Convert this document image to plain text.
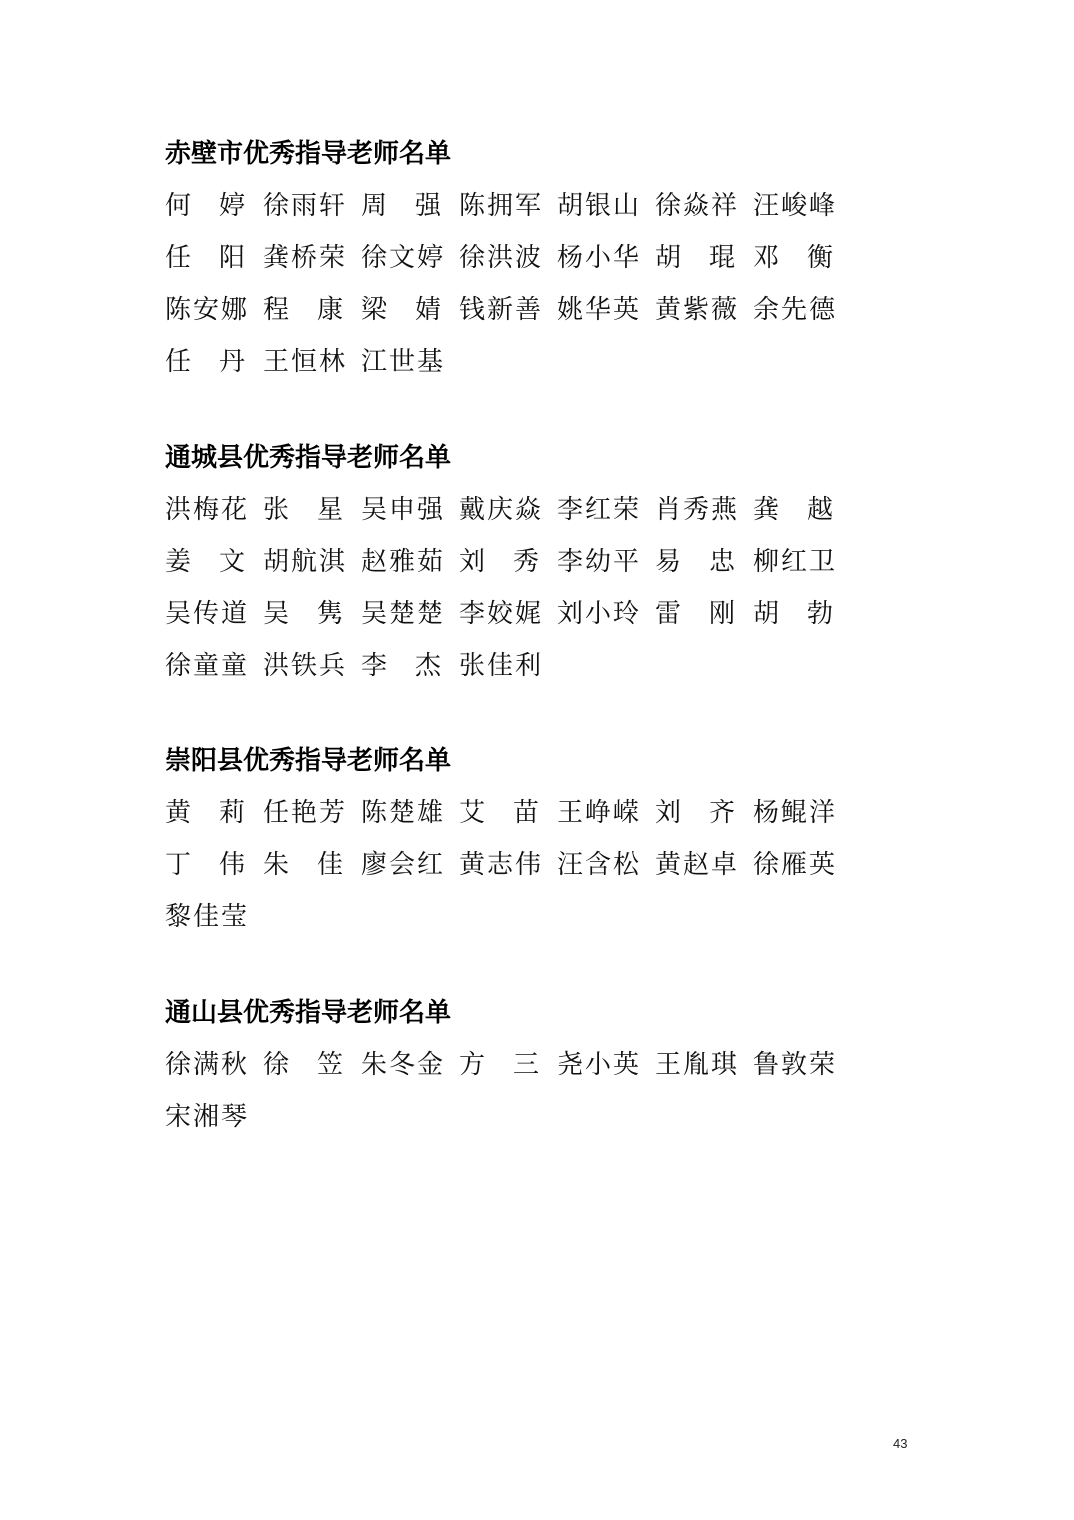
赤壁市优秀指导老师名单
何 婷 徐雨轩 周 强 陈拥军 胡银山 徐焱祥 汪峻峰
任 阳 龚桥荣 徐文婷 徐洪波 杨小华 胡 琨 邓 衡
陈安娜 程 康 梁 婧 钱新善 姚华英 黄紫薇 余先德
任 丹 王恒林 江世基
通城县优秀指导老师名单
洪梅花 张 星 吴申强 戴庆焱 李红荣 肖秀燕 龚 越
姜 文 胡航淇 赵雅茹 刘 秀 李幼平 易 忠 柳红卫
吴传道 吴 隽 吴楚楚 李姣娓 刘小玲 雷 刚 胡 勃
徐童童 洪铁兵 李 杰 张佳利
崇阳县优秀指导老师名单
黄 莉 任艳芳 陈楚雄 艾 苗 王峥嵘 刘 齐 杨鲲洋
丁 伟 朱 佳 廖会红 黄志伟 汪含松 黄赵卓 徐雁英
黎佳莹
通山县优秀指导老师名单
徐满秋 徐 笠 朱冬金 方 三 尧小英 王胤琪 鲁敦荣
宋湘琴
43
